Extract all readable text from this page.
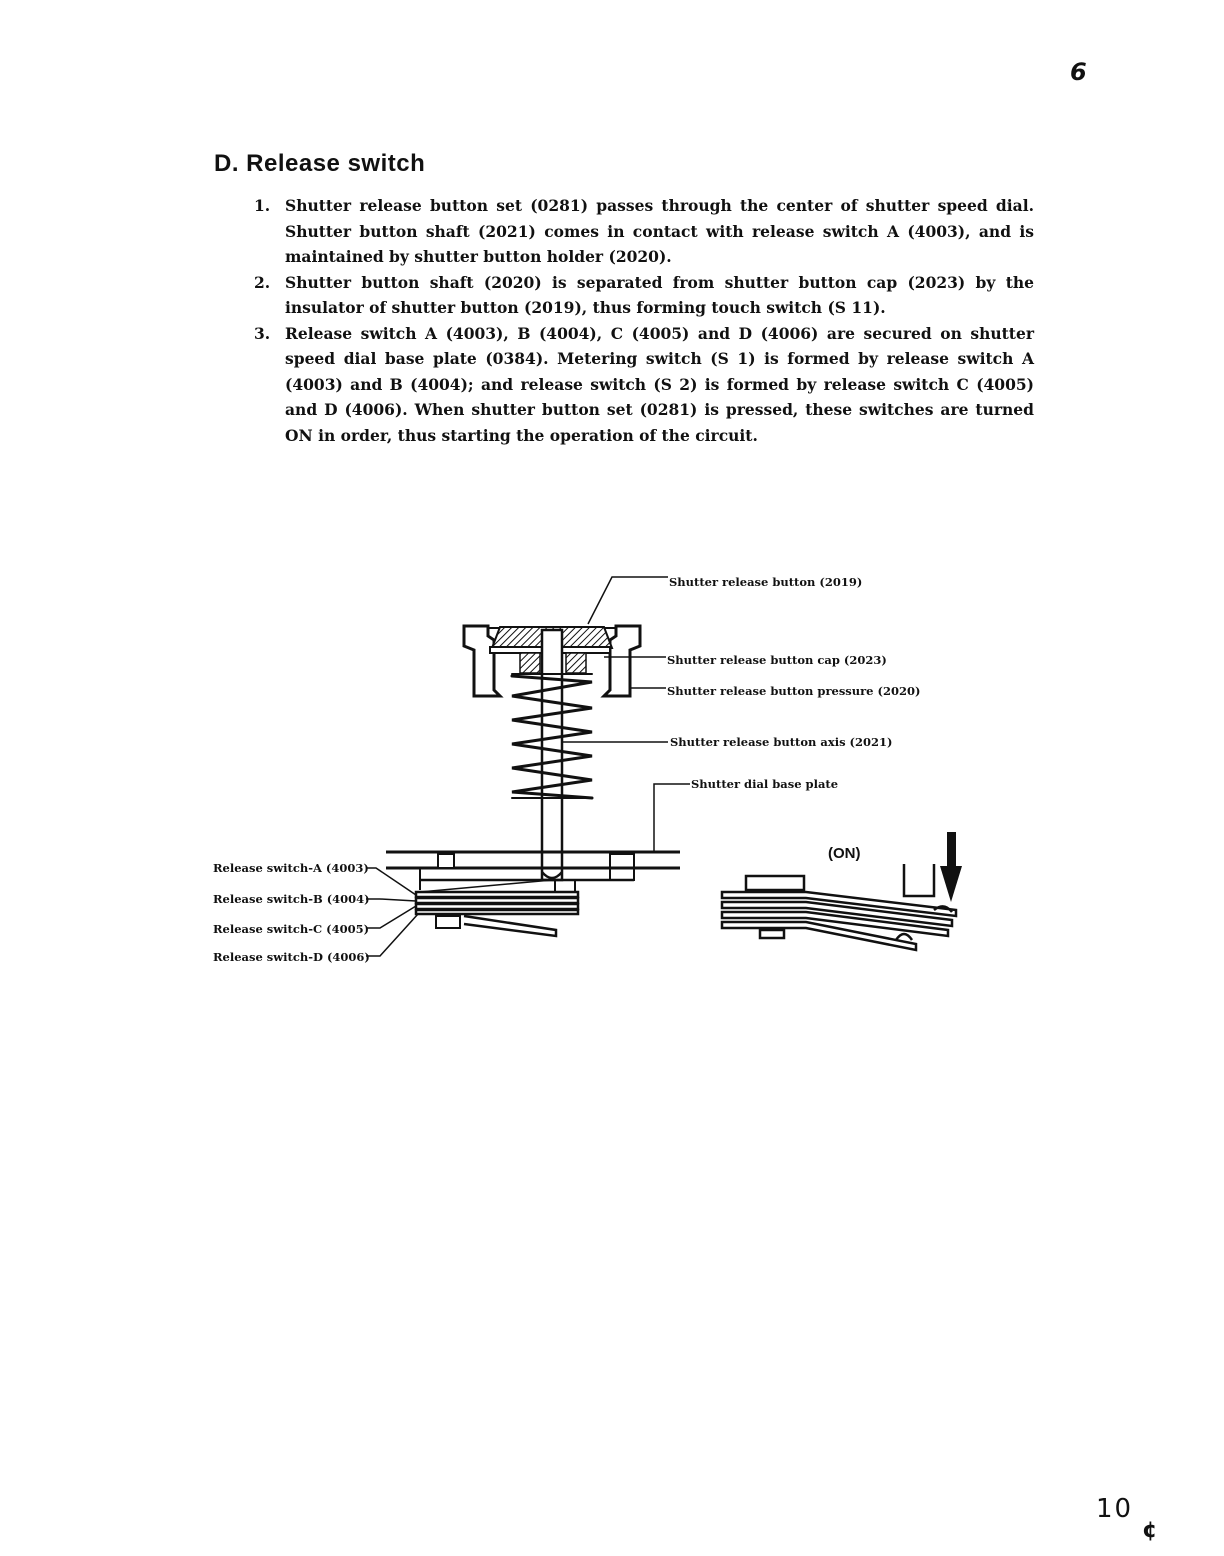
6
D. Release switch
1. Shutter release button set (0281) passes through the center of shutter speed dial. Shutter button shaft (2021) comes in contact with release switch A (4003), and is maintained by shutter button holder (2020).
2. Shutter button shaft (2020) is separated from shutter button cap (2023) by the insulator of shutter button (2019), thus forming touch switch (S 11).
3. Release switch A (4003), B (4004), C (4005) and D (4006) are secured on shutter speed dial base plate (0384). Metering switch (S 1) is formed by release switch A (4003) and B (4004); and release switch (S 2) is formed by release switch C (4005) and D (4006). When shutter button set (0281) is pressed, these switches are turned ON in order, thus starting the operation of the circuit.
Shutter release button (2019)
Shutter release button cap (2023)
Shutter release button pressure (2020)
Shutter release button axis (2021)
Shutter dial base plate
Release switch-A (4003)
Release switch-B (4004)
Release switch-C (4005)
Release switch-D (4006)
(ON)
10
¢
